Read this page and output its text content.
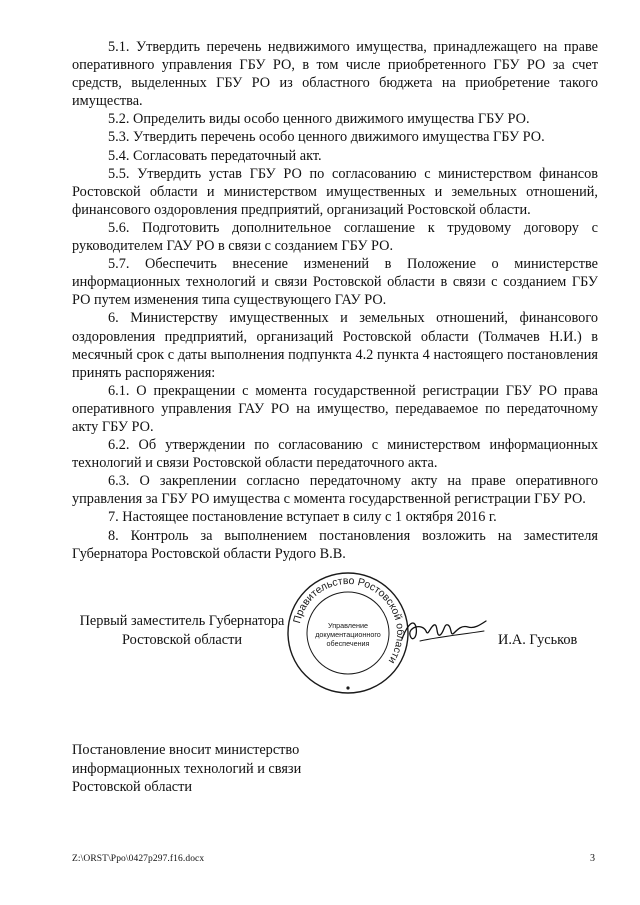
5.1. Утвердить перечень недвижимого имущества, принадлежащего на праве оперативного управления ГБУ РО, в том числе приобретенного ГБУ РО за счет средств, выделенных ГБУ РО из областного бюджета на приобретение такого имущества.

5.2. Определить виды особо ценного движимого имущества ГБУ РО.

5.3. Утвердить перечень особо ценного движимого имущества ГБУ РО.

5.4. Согласовать передаточный акт.

5.5. Утвердить устав ГБУ РО по согласованию с министерством финансов Ростовской области и министерством имущественных и земельных отношений, финансового оздоровления предприятий, организаций Ростовской области.

5.6. Подготовить дополнительное соглашение к трудовому договору с руководителем ГАУ РО в связи с созданием ГБУ РО.

5.7. Обеспечить внесение изменений в Положение о министерстве информационных технологий и связи Ростовской области в связи с созданием ГБУ РО путем изменения типа существующего ГАУ РО.

6. Министерству имущественных и земельных отношений, финансового оздоровления предприятий, организаций Ростовской области (Толмачев Н.И.) в месячный срок с даты выполнения подпункта 4.2 пункта 4 настоящего постановления принять распоряжения:

6.1. О прекращении с момента государственной регистрации ГБУ РО права оперативного управления ГАУ РО на имущество, передаваемое по передаточному акту ГБУ РО.

6.2. Об утверждении по согласованию с министерством информационных технологий и связи Ростовской области передаточного акта.

6.3. О закреплении согласно передаточному акту на праве оперативного управления за ГБУ РО имущества с момента государственной регистрации ГБУ РО.

7. Настоящее постановление вступает в силу с 1 октября 2016 г.

8. Контроль за выполнением постановления возложить на заместителя Губернатора Ростовской области Рудого В.В.

Первый заместитель Губернатора Ростовской области	И.А. Гуськов
Правительство Ростовской области
Управление
документационного
обеспечения
Постановление вносит министерство информационных технологий и связи Ростовской области
Z:\ORST\Ppo\0427p297.f16.docx	3
